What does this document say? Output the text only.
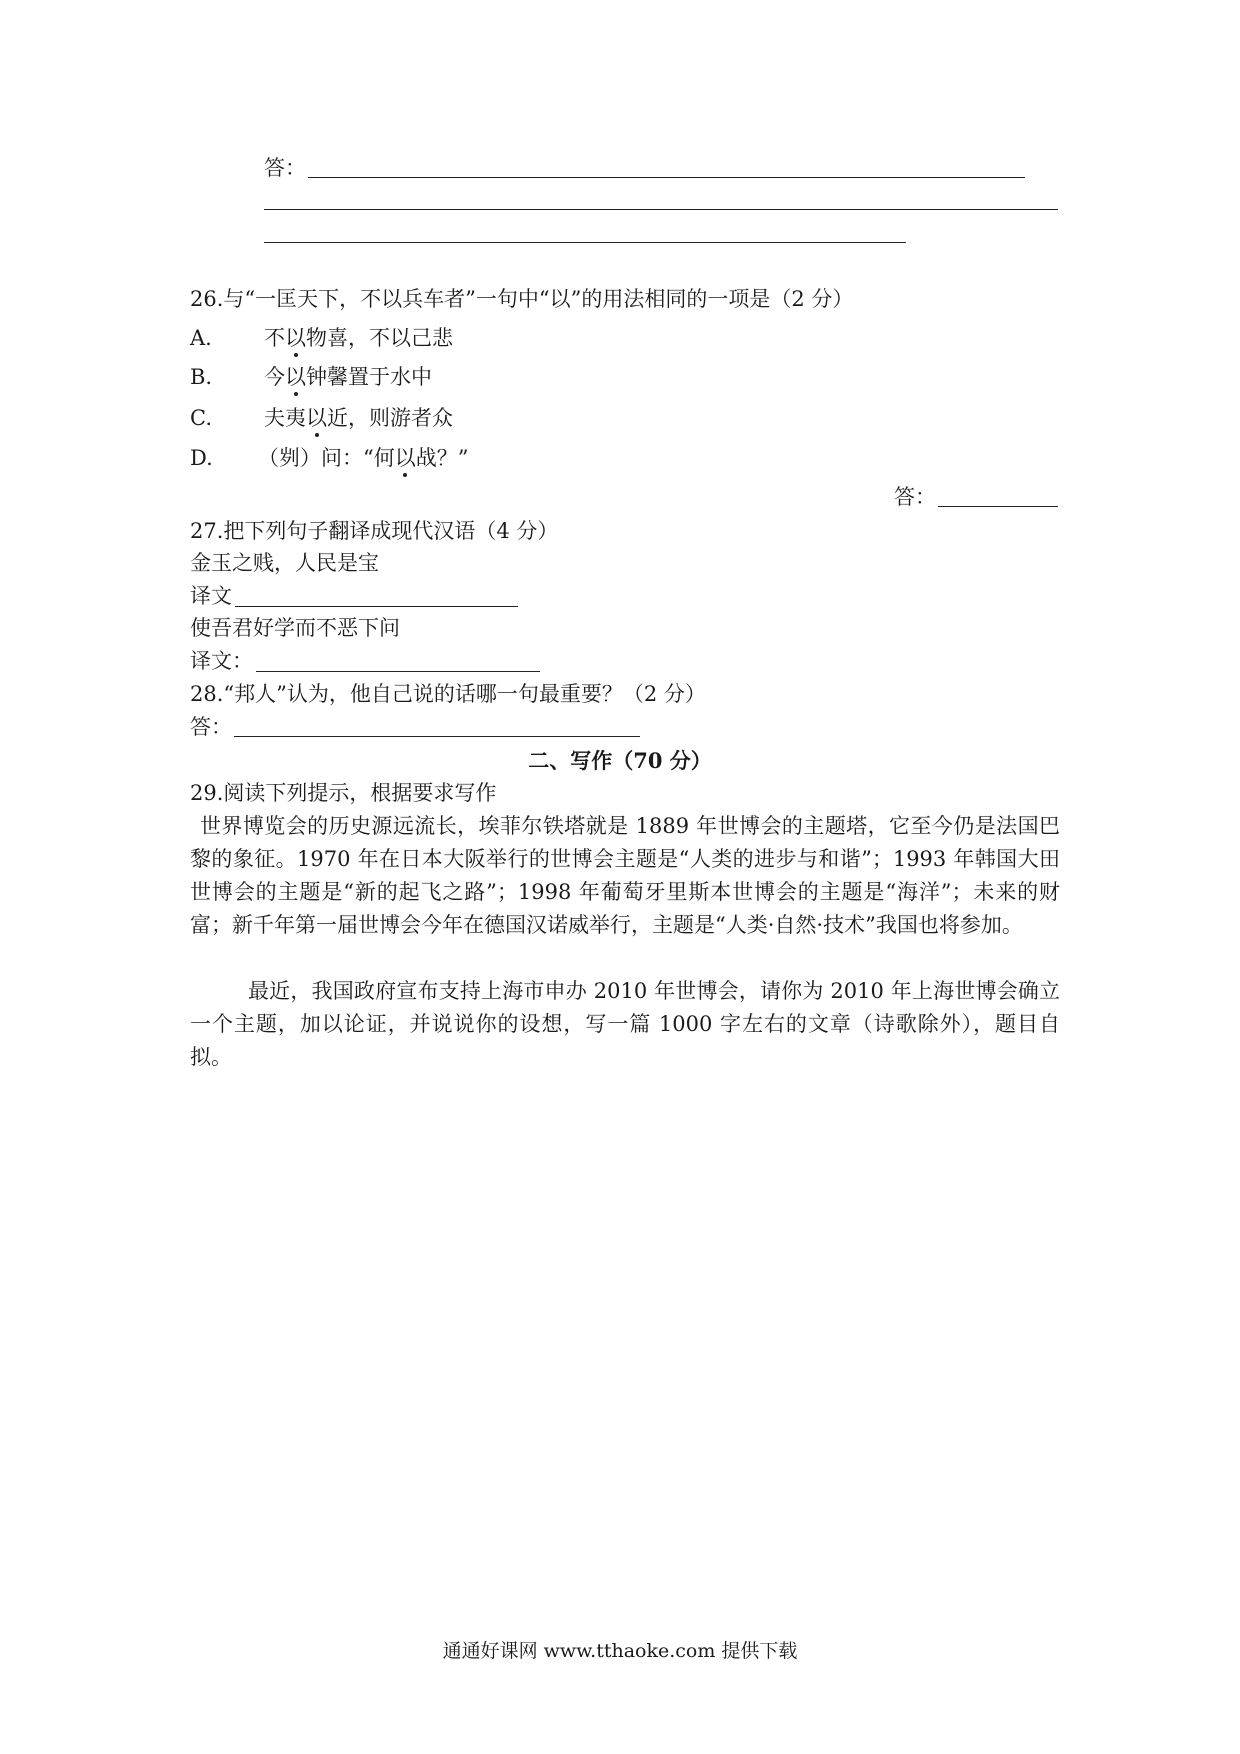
答：
26.与“一匡天下，不以兵车者”一句中“以”的用法相同的一项是（2 分）
A. 不以物喜，不以己悲
B. 今以钟馨置于水中
C. 夫夷以近，则游者众
D. （刿）问：“何以战？”
答：
27.把下列句子翻译成现代汉语（4 分）
金玉之贱，人民是宝
译文
使吾君好学而不恶下问
译文：
28.“邦人”认为，他自己说的话哪一句最重要？（2 分）
答：
二、写作（70 分）
29.阅读下列提示，根据要求写作
世界博览会的历史源远流长，埃菲尔铁塔就是 1889 年世博会的主题塔，它至今仍是法国巴黎的象征。1970 年在日本大阪举行的世博会主题是“人类的进步与和谐”；1993 年韩国大田世博会的主题是“新的起飞之路”；1998 年葡萄牙里斯本世博会的主题是“海洋”；未来的财富；新千年第一届世博会今年在德国汉诺威举行，主题是“人类·自然·技术”我国也将参加。
最近，我国政府宣布支持上海市申办 2010 年世博会，请你为 2010 年上海世博会确立一个主题，加以论证，并说说你的设想，写一篇 1000 字左右的文章（诗歌除外），题目自拟。
通通好课网 www.tthaoke.com 提供下载
